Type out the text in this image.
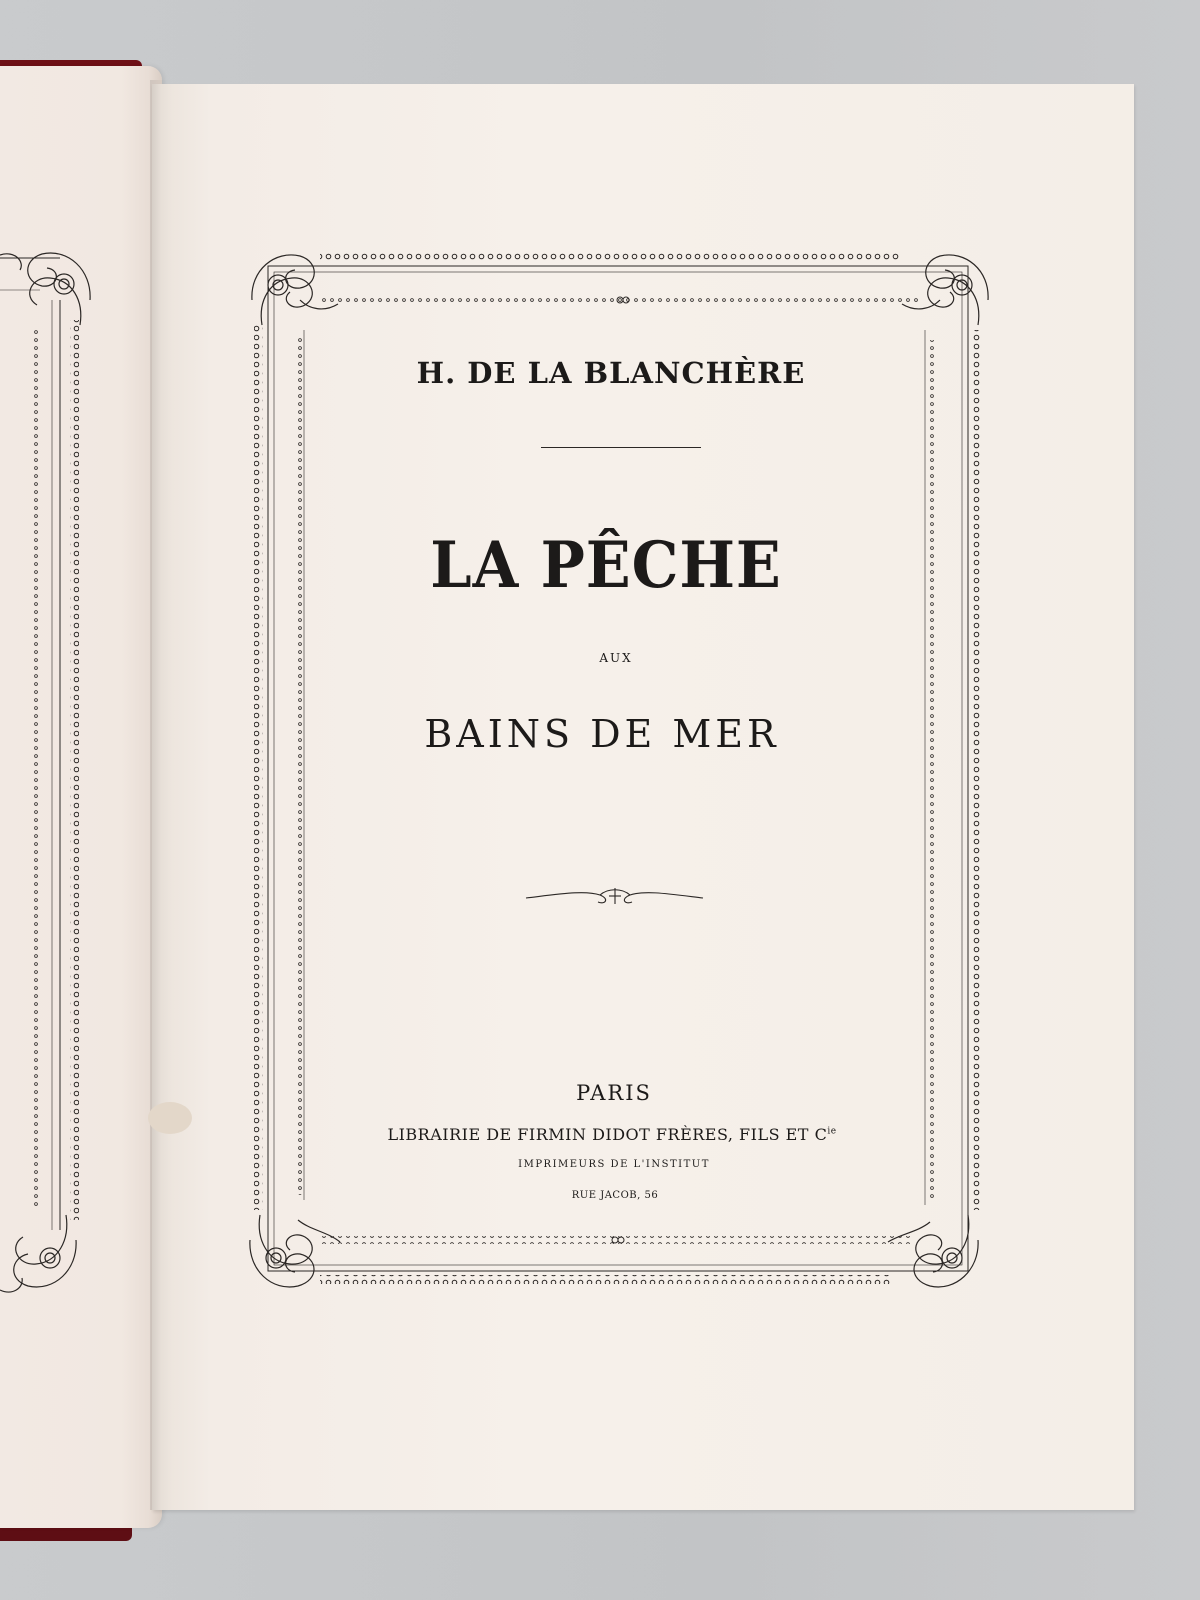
H. DE LA BLANCHÈRE
LA PÊCHE
AUX
BAINS DE MER
PARIS
LIBRAIRIE DE FIRMIN DIDOT FRÈRES, FILS ET $C^{ie}$
IMPRIMEURS DE L'INSTITUT
RUE JACOB, 56
